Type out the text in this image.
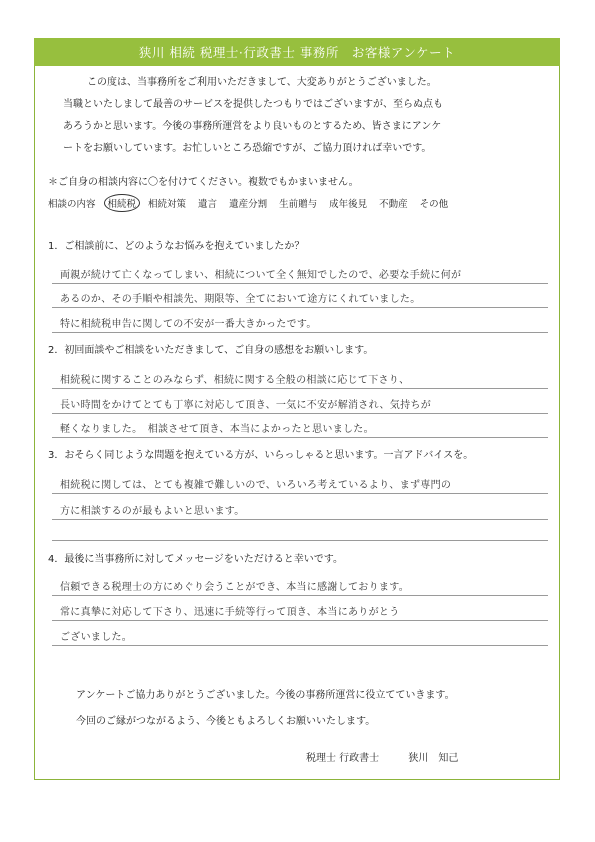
狭川 相続 税理士·行政書士 事務所　お客様アンケート
この度は、当事務所をご利用いただきまして、大変ありがとうございました。
当職といたしまして最善のサービスを提供したつもりではございますが、至らぬ点も
あろうかと思います。今後の事務所運営をより良いものとするため、皆さまにアンケ
ートをお願いしています。お忙しいところ恐縮ですが、ご協力頂ければ幸いです。
＊ご自身の相談内容に〇を付けてください。複数でもかまいません。
相談の内容	相続税	相続対策 遺言 遺産分割 生前贈与 成年後見 不動産 その他
1．ご相談前に、どのようなお悩みを抱えていましたか？
両親が続けて亡くなってしまい、相続について全く無知でしたので、必要な手続に何が
あるのか、その手順や相談先、期限等、全てにおいて途方にくれていました。
特に相続税申告に関しての不安が一番大きかったです。
2．初回面談やご相談をいただきまして、ご自身の感想をお願いします。
相続税に関することのみならず、相続に関する全般の相談に応じて下さり、
長い時間をかけてとても丁寧に対応して頂き、一気に不安が解消され、気持ちが
軽くなりました。　相談させて頂き、本当によかったと思いました。
3．おそらく同じような問題を抱えている方が、いらっしゃると思います。一言アドバイスを。
相続税に関しては、とても複雑で難しいので、いろいろ考えているより、まず専門の
方に相談するのが最もよいと思います。
4．最後に当事務所に対してメッセージをいただけると幸いです。
信頼できる税理士の方にめぐり会うことができ、本当に感謝しております。
常に真摯に対応して下さり、迅速に手続等行って頂き、本当にありがとう
ございました。
アンケートご協力ありがとうございました。今後の事務所運営に役立てていきます。
今回のご縁がつながるよう、今後ともよろしくお願いいたします。
税理士 行政書士	狭川　知己
